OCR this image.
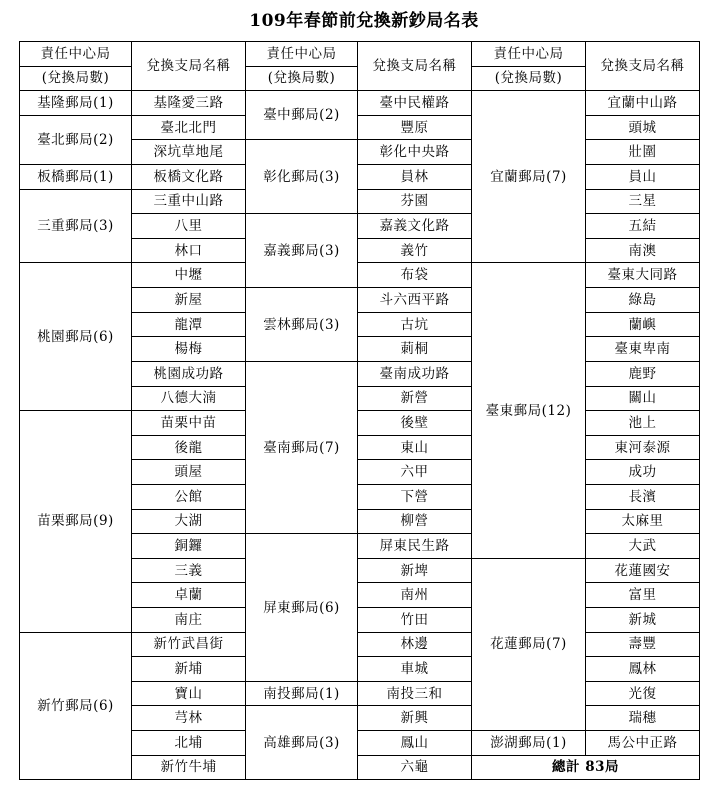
109年春節前兌換新鈔局名表
責任中心局	兌換支局名稱	責任中心局	兌換支局名稱	責任中心局	兌換支局名稱
(兌換局數)		(兌換局數)		(兌換局數)	
基隆郵局(1)	基隆愛三路	臺中郵局(2)	臺中民權路	宜蘭郵局(7)	宜蘭中山路
臺北郵局(2)	臺北北門		豐原		頭城
	深坑草地尾	彰化郵局(3)	彰化中央路		壯圍
板橋郵局(1)	板橋文化路		員林		員山
三重郵局(3)	三重中山路		芬園		三星
	八里	嘉義郵局(3)	嘉義文化路		五結
	林口		義竹		南澳
桃園郵局(6)	中壢		布袋	臺東郵局(12)	臺東大同路
	新屋	雲林郵局(3)	斗六西平路		綠島
	龍潭		古坑		蘭嶼
	楊梅		莿桐		臺東卑南
	桃園成功路	臺南郵局(7)	臺南成功路		鹿野
	八德大湳		新營		關山
苗栗郵局(9)	苗栗中苗		後壁		池上
	後龍		東山		東河泰源
	頭屋		六甲		成功
	公館		下營		長濱
	大湖		柳營		太麻里
	銅鑼	屏東郵局(6)	屏東民生路		大武
	三義		新埤	花蓮郵局(7)	花蓮國安
	卓蘭		南州		富里
	南庄		竹田		新城
新竹郵局(6)	新竹武昌街		林邊		壽豐
	新埔		車城		鳳林
	寶山	南投郵局(1)	南投三和		光復
	芎林	高雄郵局(3)	新興		瑞穗
	北埔		鳳山	澎湖郵局(1)	馬公中正路
	新竹牛埔		六龜	總計 83局	
